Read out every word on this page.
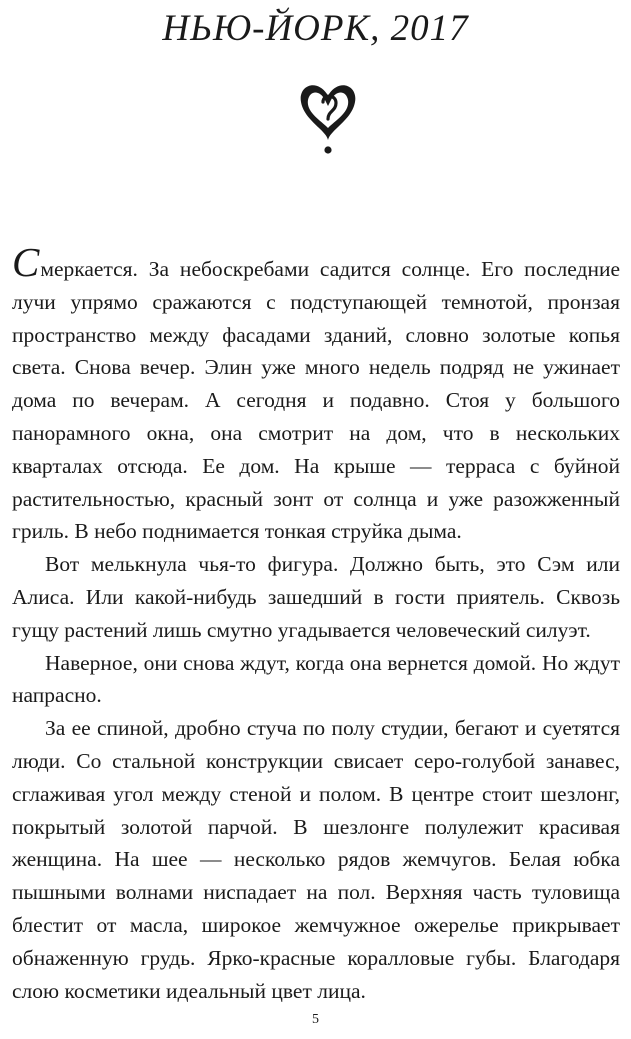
НЬЮ-ЙОРК, 2017

Смеркается. За небоскребами садится солнце. Его последние лучи упрямо сражаются с подступающей темнотой, пронзая пространство между фасадами зданий, словно золотые копья света. Снова вечер. Элин уже много недель подряд не ужинает дома по вечерам. А сегодня и подавно. Стоя у большого панорамного окна, она смотрит на дом, что в нескольких кварталах отсюда. Ее дом. На крыше — терраса с буйной растительностью, красный зонт от солнца и уже разожженный гриль. В небо поднимается тонкая струйка дыма.

Вот мелькнула чья-то фигура. Должно быть, это Сэм или Алиса. Или какой-нибудь зашедший в гости приятель. Сквозь гущу растений лишь смутно угадывается человеческий силуэт.

Наверное, они снова ждут, когда она вернется домой. Но ждут напрасно.

За ее спиной, дробно стуча по полу студии, бегают и суетятся люди. Со стальной конструкции свисает серо-голубой занавес, сглаживая угол между стеной и полом. В центре стоит шезлонг, покрытый золотой парчой. В шезлонге полулежит красивая женщина. На шее — несколько рядов жемчугов. Белая юбка пышными волнами ниспадает на пол. Верхняя часть туловища блестит от масла, широкое жемчужное ожерелье прикрывает обнаженную грудь. Ярко-красные коралловые губы. Благодаря слою косметики идеальный цвет лица.

5
